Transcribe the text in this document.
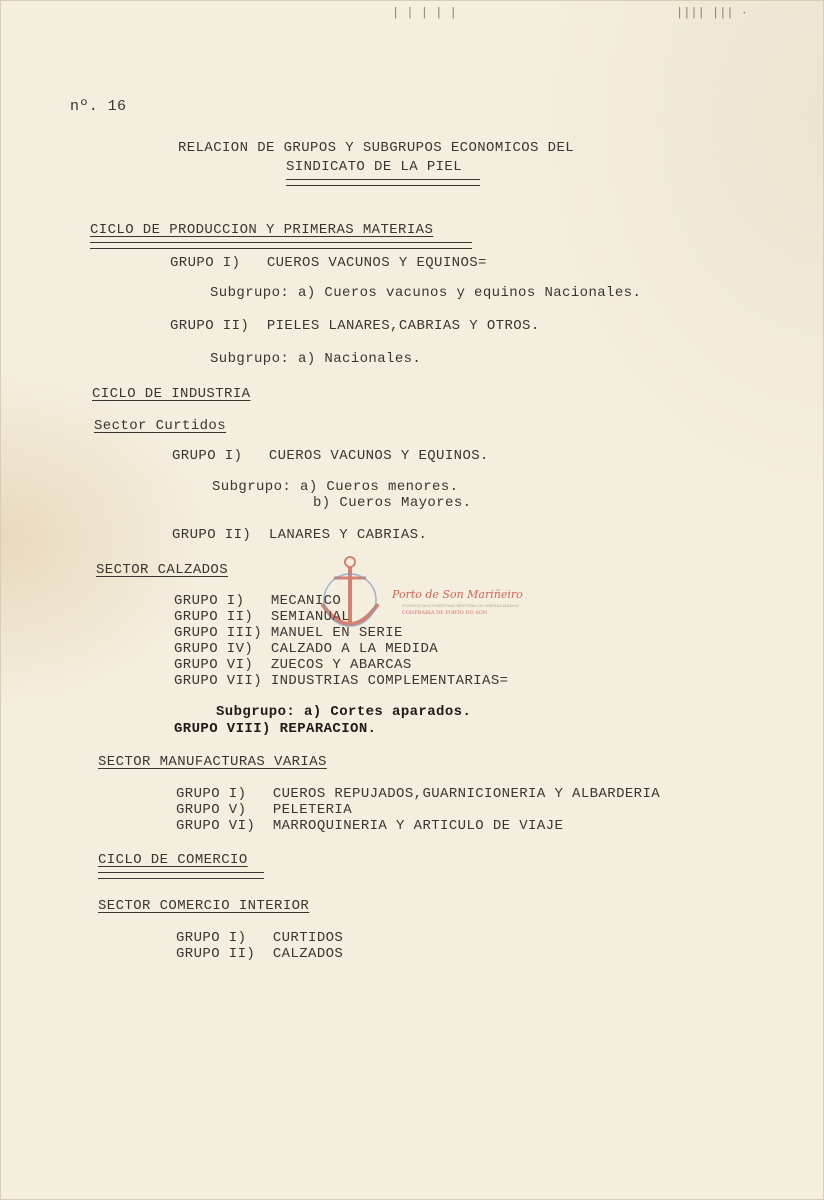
| | | | |	|||| ||| ·
nº. 16
RELACION DE GRUPOS Y SUBGRUPOS ECONOMICOS DEL
SINDICATO DE LA PIEL
CICLO DE PRODUCCION Y PRIMERAS MATERIAS
GRUPO I)   CUEROS VACUNOS Y EQUINOS=
Subgrupo: a) Cueros vacunos y equinos Nacionales.
GRUPO II)  PIELES LANARES,CABRIAS Y OTROS.
Subgrupo: a) Nacionales.
CICLO DE INDUSTRIA
Sector Curtidos
GRUPO I)   CUEROS VACUNOS Y EQUINOS.
Subgrupo: a) Cueros menores.
b) Cueros Mayores.
GRUPO II)  LANARES Y CABRIAS.
SECTOR CALZADOS
GRUPO I)   MECANICO
GRUPO II)  SEMIANUAL
GRUPO III) MANUEL EN SERIE
GRUPO IV)  CALZADO A LA MEDIDA
GRUPO VI)  ZUECOS Y ABARCAS
GRUPO VII) INDUSTRIAS COMPLEMENTARIAS=
Subgrupo: a) Cortes aparados.
GRUPO VIII) REPARACION.
SECTOR MANUFACTURAS VARIAS
GRUPO I)   CUEROS REPUJADOS,GUARNICIONERIA Y ALBARDERIA
GRUPO V)   PELETERIA
GRUPO VI)  MARROQUINERIA Y ARTICULO DE VIAJE
CICLO DE COMERCIO
SECTOR COMERCIO INTERIOR
GRUPO I)   CURTIDOS
GRUPO II)  CALZADOS
Porto de Son Mariñeiro
FONDOS DOCUMENTAIS HISTÓRICOS DIXITALIZADOS
CONFRARIA DE PORTO DO SON
